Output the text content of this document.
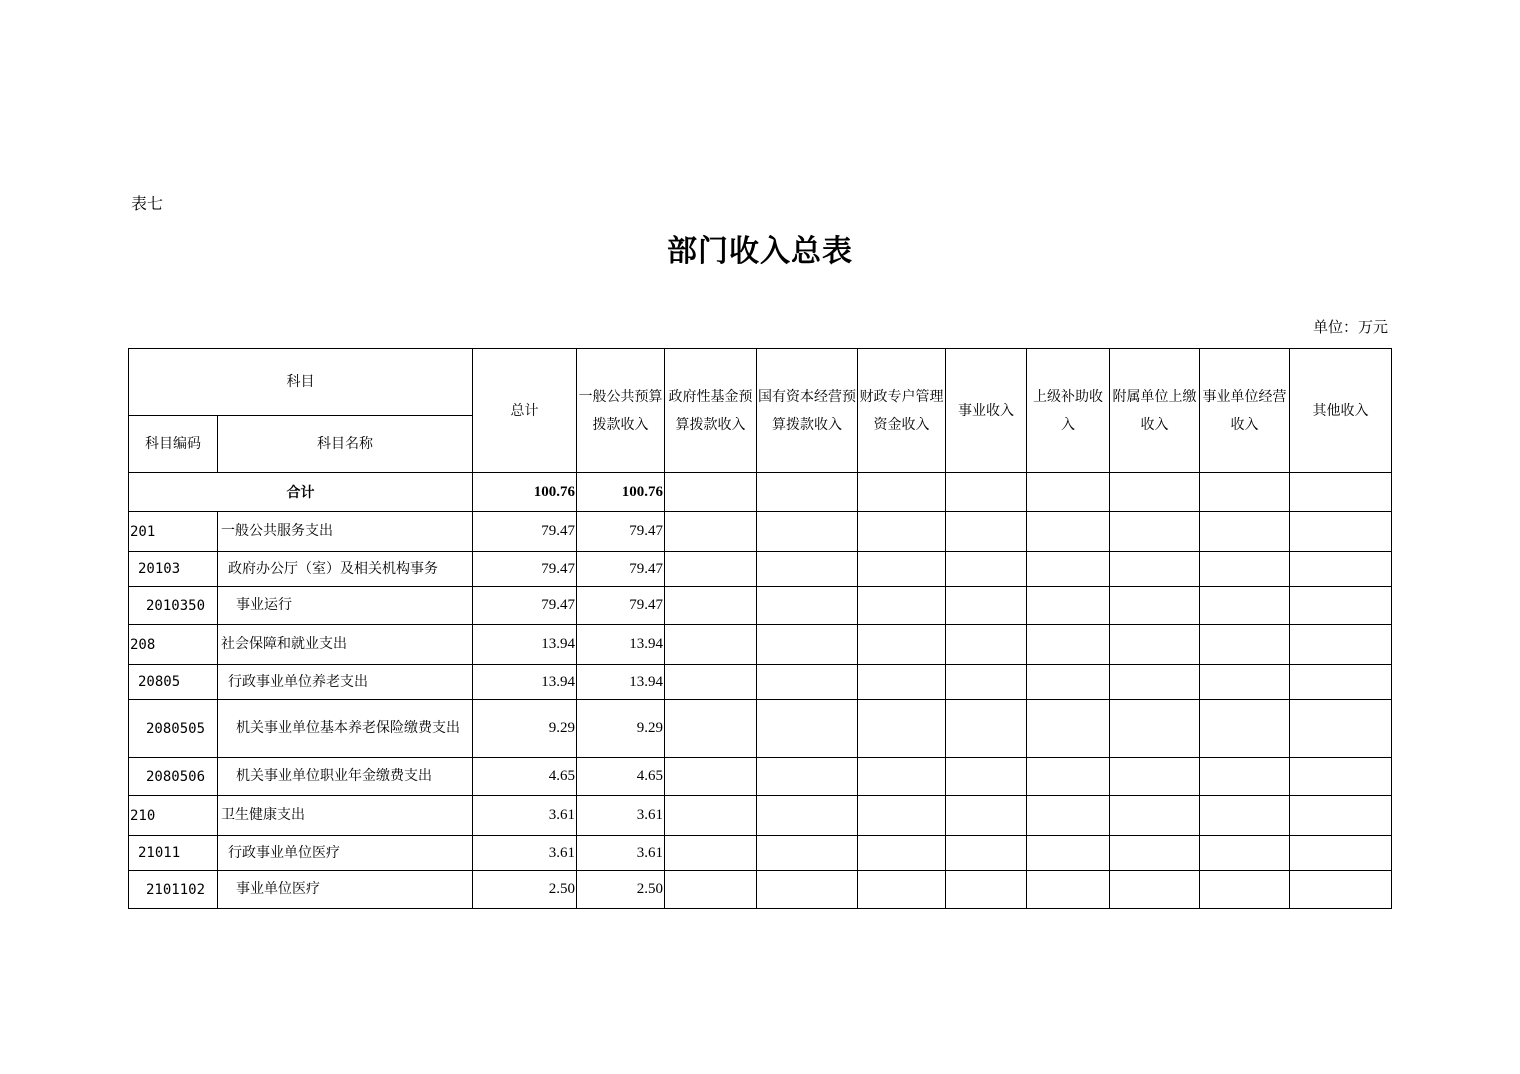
表七
部门收入总表
单位：万元
科目		总计	一般公共预算拨款收入	政府性基金预算拨款收入	国有资本经营预算拨款收入	财政专户管理资金收入	事业收入	上级补助收入	附属单位上缴收入	事业单位经营收入	其他收入
科目编码	科目名称										
合计		100.76	100.76								
201	一般公共服务支出	79.47	79.47								
20103	政府办公厅（室）及相关机构事务	79.47	79.47								
2010350	事业运行	79.47	79.47								
208	社会保障和就业支出	13.94	13.94								
20805	行政事业单位养老支出	13.94	13.94								
2080505	机关事业单位基本养老保险缴费支出	9.29	9.29								
2080506	机关事业单位职业年金缴费支出	4.65	4.65								
210	卫生健康支出	3.61	3.61								
21011	行政事业单位医疗	3.61	3.61								
2101102	事业单位医疗	2.50	2.50								
